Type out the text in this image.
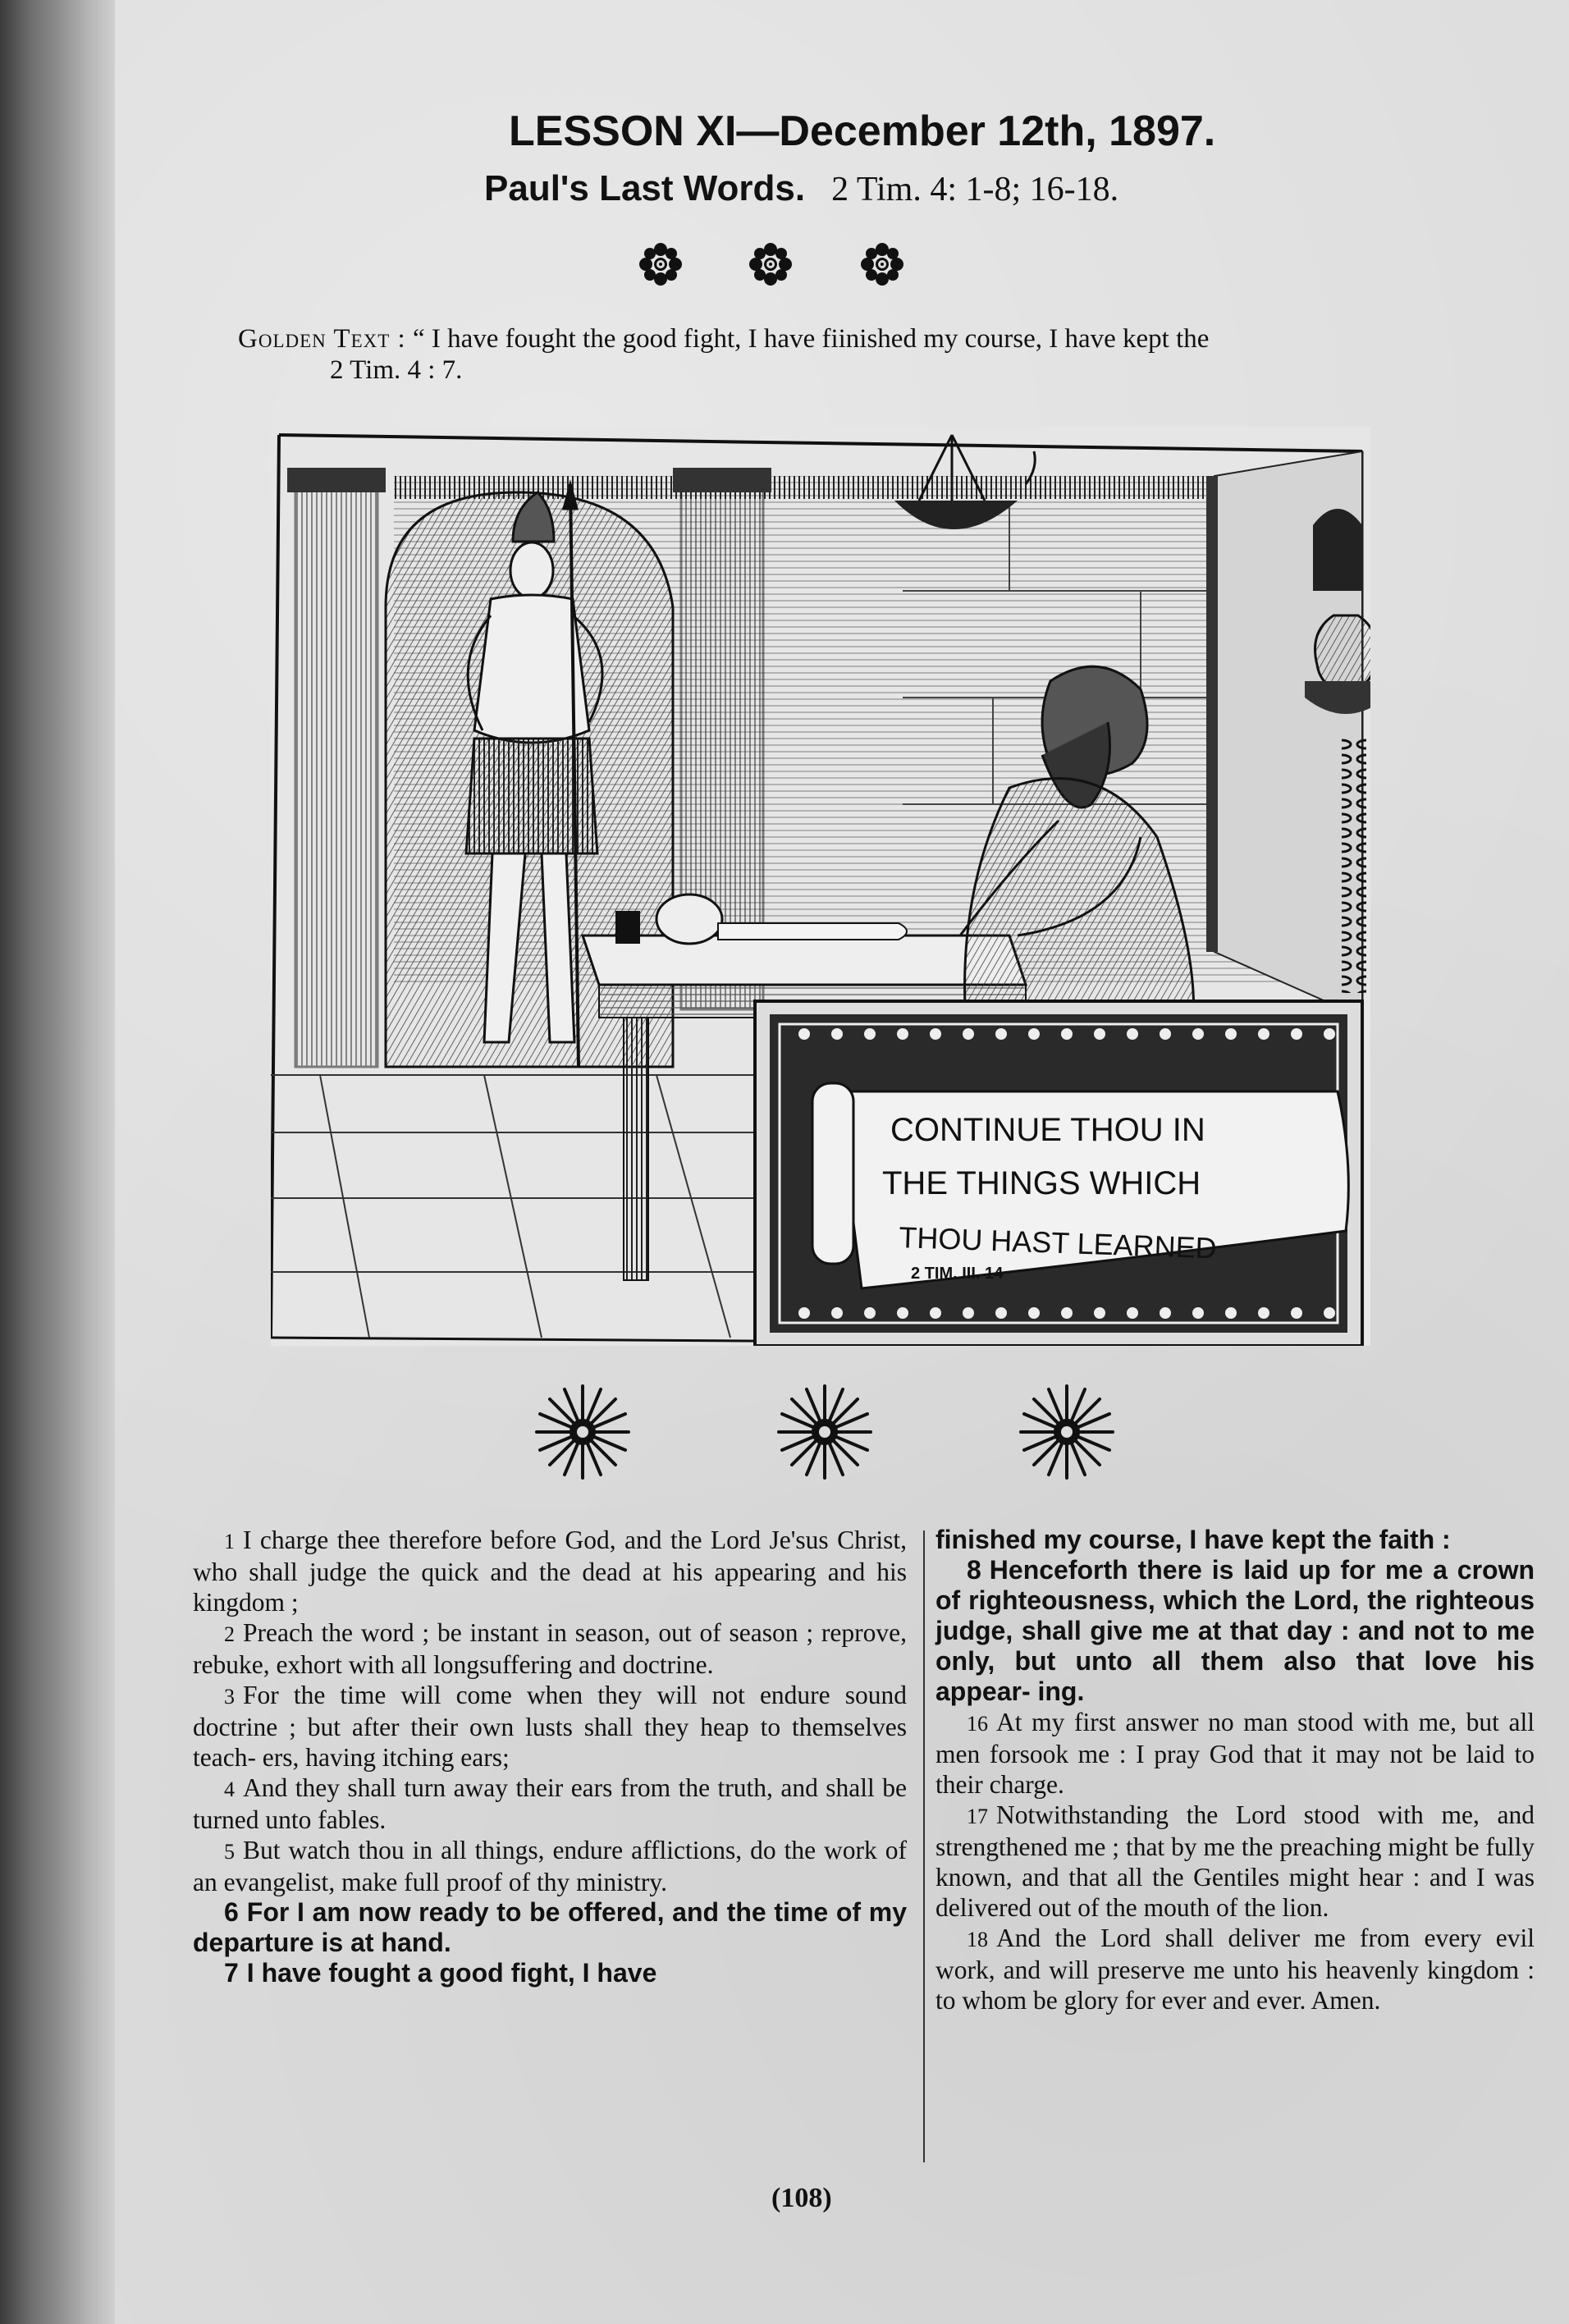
LESSON XI—December 12th, 1897.
Paul's Last Words. 2 Tim. 4: 1-8; 16-18.
Golden Text : “ I have fought the good fight, I have fiinished my course, I have kept the
2 Tim. 4 : 7.
CONTINUE THOU IN
THE THINGS WHICH
THOU HAST LEARNED
2 TIM. III. 14

1 I charge thee therefore before God, and the Lord Je'sus Christ, who shall judge the quick and the dead at his appearing and his kingdom ;

2 Preach the word ; be instant in season, out of season ; reprove, rebuke, exhort with all longsuffering and doctrine.

3 For the time will come when they will not endure sound doctrine ; but after their own lusts shall they heap to themselves teach- ers, having itching ears;

4 And they shall turn away their ears from the truth, and shall be turned unto fables.

5 But watch thou in all things, endure afflictions, do the work of an evangelist, make full proof of thy ministry.

6 For I am now ready to be offered, and the time of my departure is at hand.

7 I have fought a good fight, I have

finished my course, I have kept the faith :

8 Henceforth there is laid up for me a crown of righteousness, which the Lord, the righteous judge, shall give me at that day : and not to me only, but unto all them also that love his appear- ing.

16 At my first answer no man stood with me, but all men forsook me : I pray God that it may not be laid to their charge.

17 Notwithstanding the Lord stood with me, and strengthened me ; that by me the preaching might be fully known, and that all the Gentiles might hear : and I was delivered out of the mouth of the lion.

18 And the Lord shall deliver me from every evil work, and will preserve me unto his heavenly kingdom : to whom be glory for ever and ever. Amen.

(108)
